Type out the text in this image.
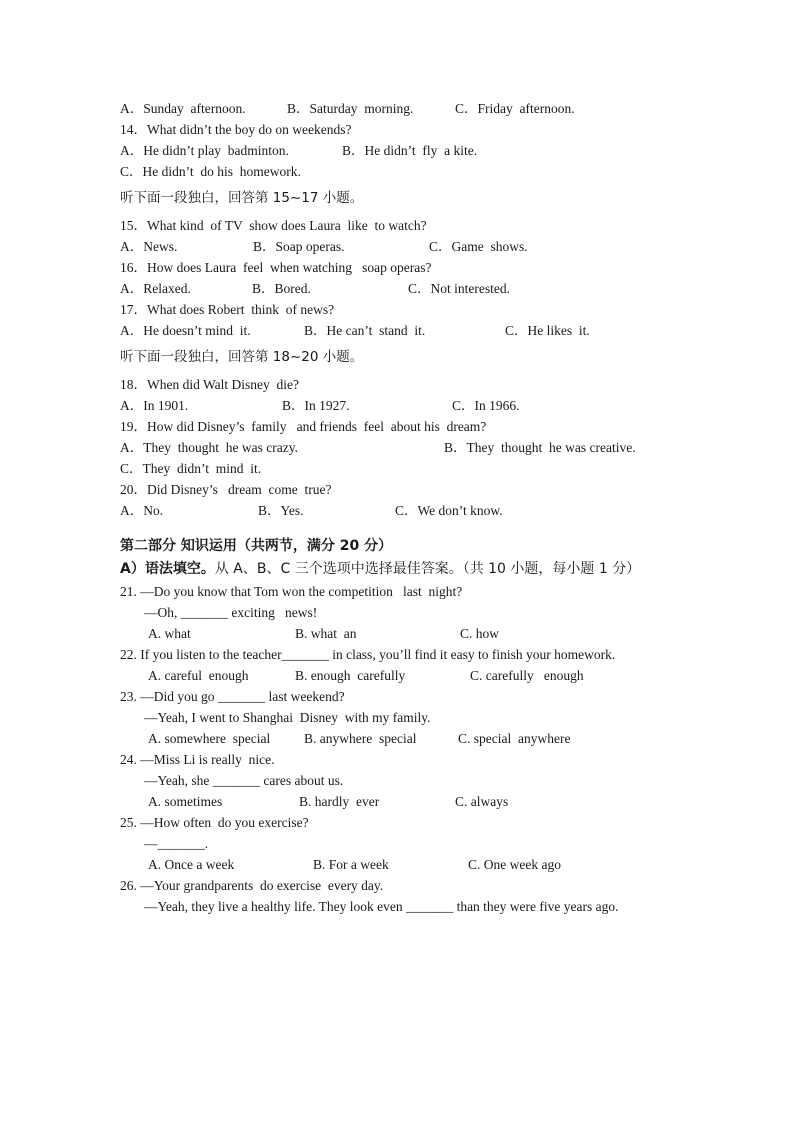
A．Sunday  afternoon.

	B．Saturday  morning.

	C．Friday  afternoon.

14．What didn’t the boy do on weekends?

A．He didn’t play  badminton.

	B．He didn’t  fly  a kite.

C．He didn’t  do his  homework.
听下面一段独白，回答第 15~17 小题。
15．What kind  of TV  show does Laura  like  to watch?

A．News.

	B．Soap operas.

	C．Game  shows.

16．How does Laura  feel  when watching   soap operas?

A．Relaxed.

	B．Bored.

	C．Not interested.

17．What does Robert  think  of news?

A．He doesn’t mind  it.

	B．He can’t  stand  it.

	C．He likes  it.

听下面一段独白，回答第 18~20 小题。
18．When did Walt Disney  die?

A．In 1901.

	B．In 1927.

	C．In 1966.

19．How did Disney’s  family   and friends  feel  about his  dream?

A．They  thought  he was crazy.

	B．They  thought  he was creative.

C．They  didn’t  mind  it.
20．Did Disney’s   dream  come  true?

A．No.

	B．Yes.

	C．We don’t know.

第二部分 知识运用（共两节，满分 20 分）
A）语法填空。从 A、B、C 三个选项中选择最佳答案。（共 10 小题，每小题 1 分）
21. —Do you know that Tom won the competition   last  night?
—Oh, _______ exciting   news!

A. what

	B. what  an

	C. how

22. If you listen to the teacher_______ in class, you’ll find it easy to finish your homework.

A. careful  enough

	B. enough  carefully

	C. carefully   enough

23. —Did you go _______ last weekend?
—Yeah, I went to Shanghai  Disney  with my family.

A. somewhere  special

	B. anywhere  special

	C. special  anywhere

24. —Miss Li is really  nice.
—Yeah, she _______ cares about us.

A. sometimes

	B. hardly  ever

	C. always

25. —How often  do you exercise?
—_______.

A. Once a week

	B. For a week

	C. One week ago

26. —Your grandparents  do exercise  every day.
—Yeah, they live a healthy life. They look even _______ than they were five years ago.
